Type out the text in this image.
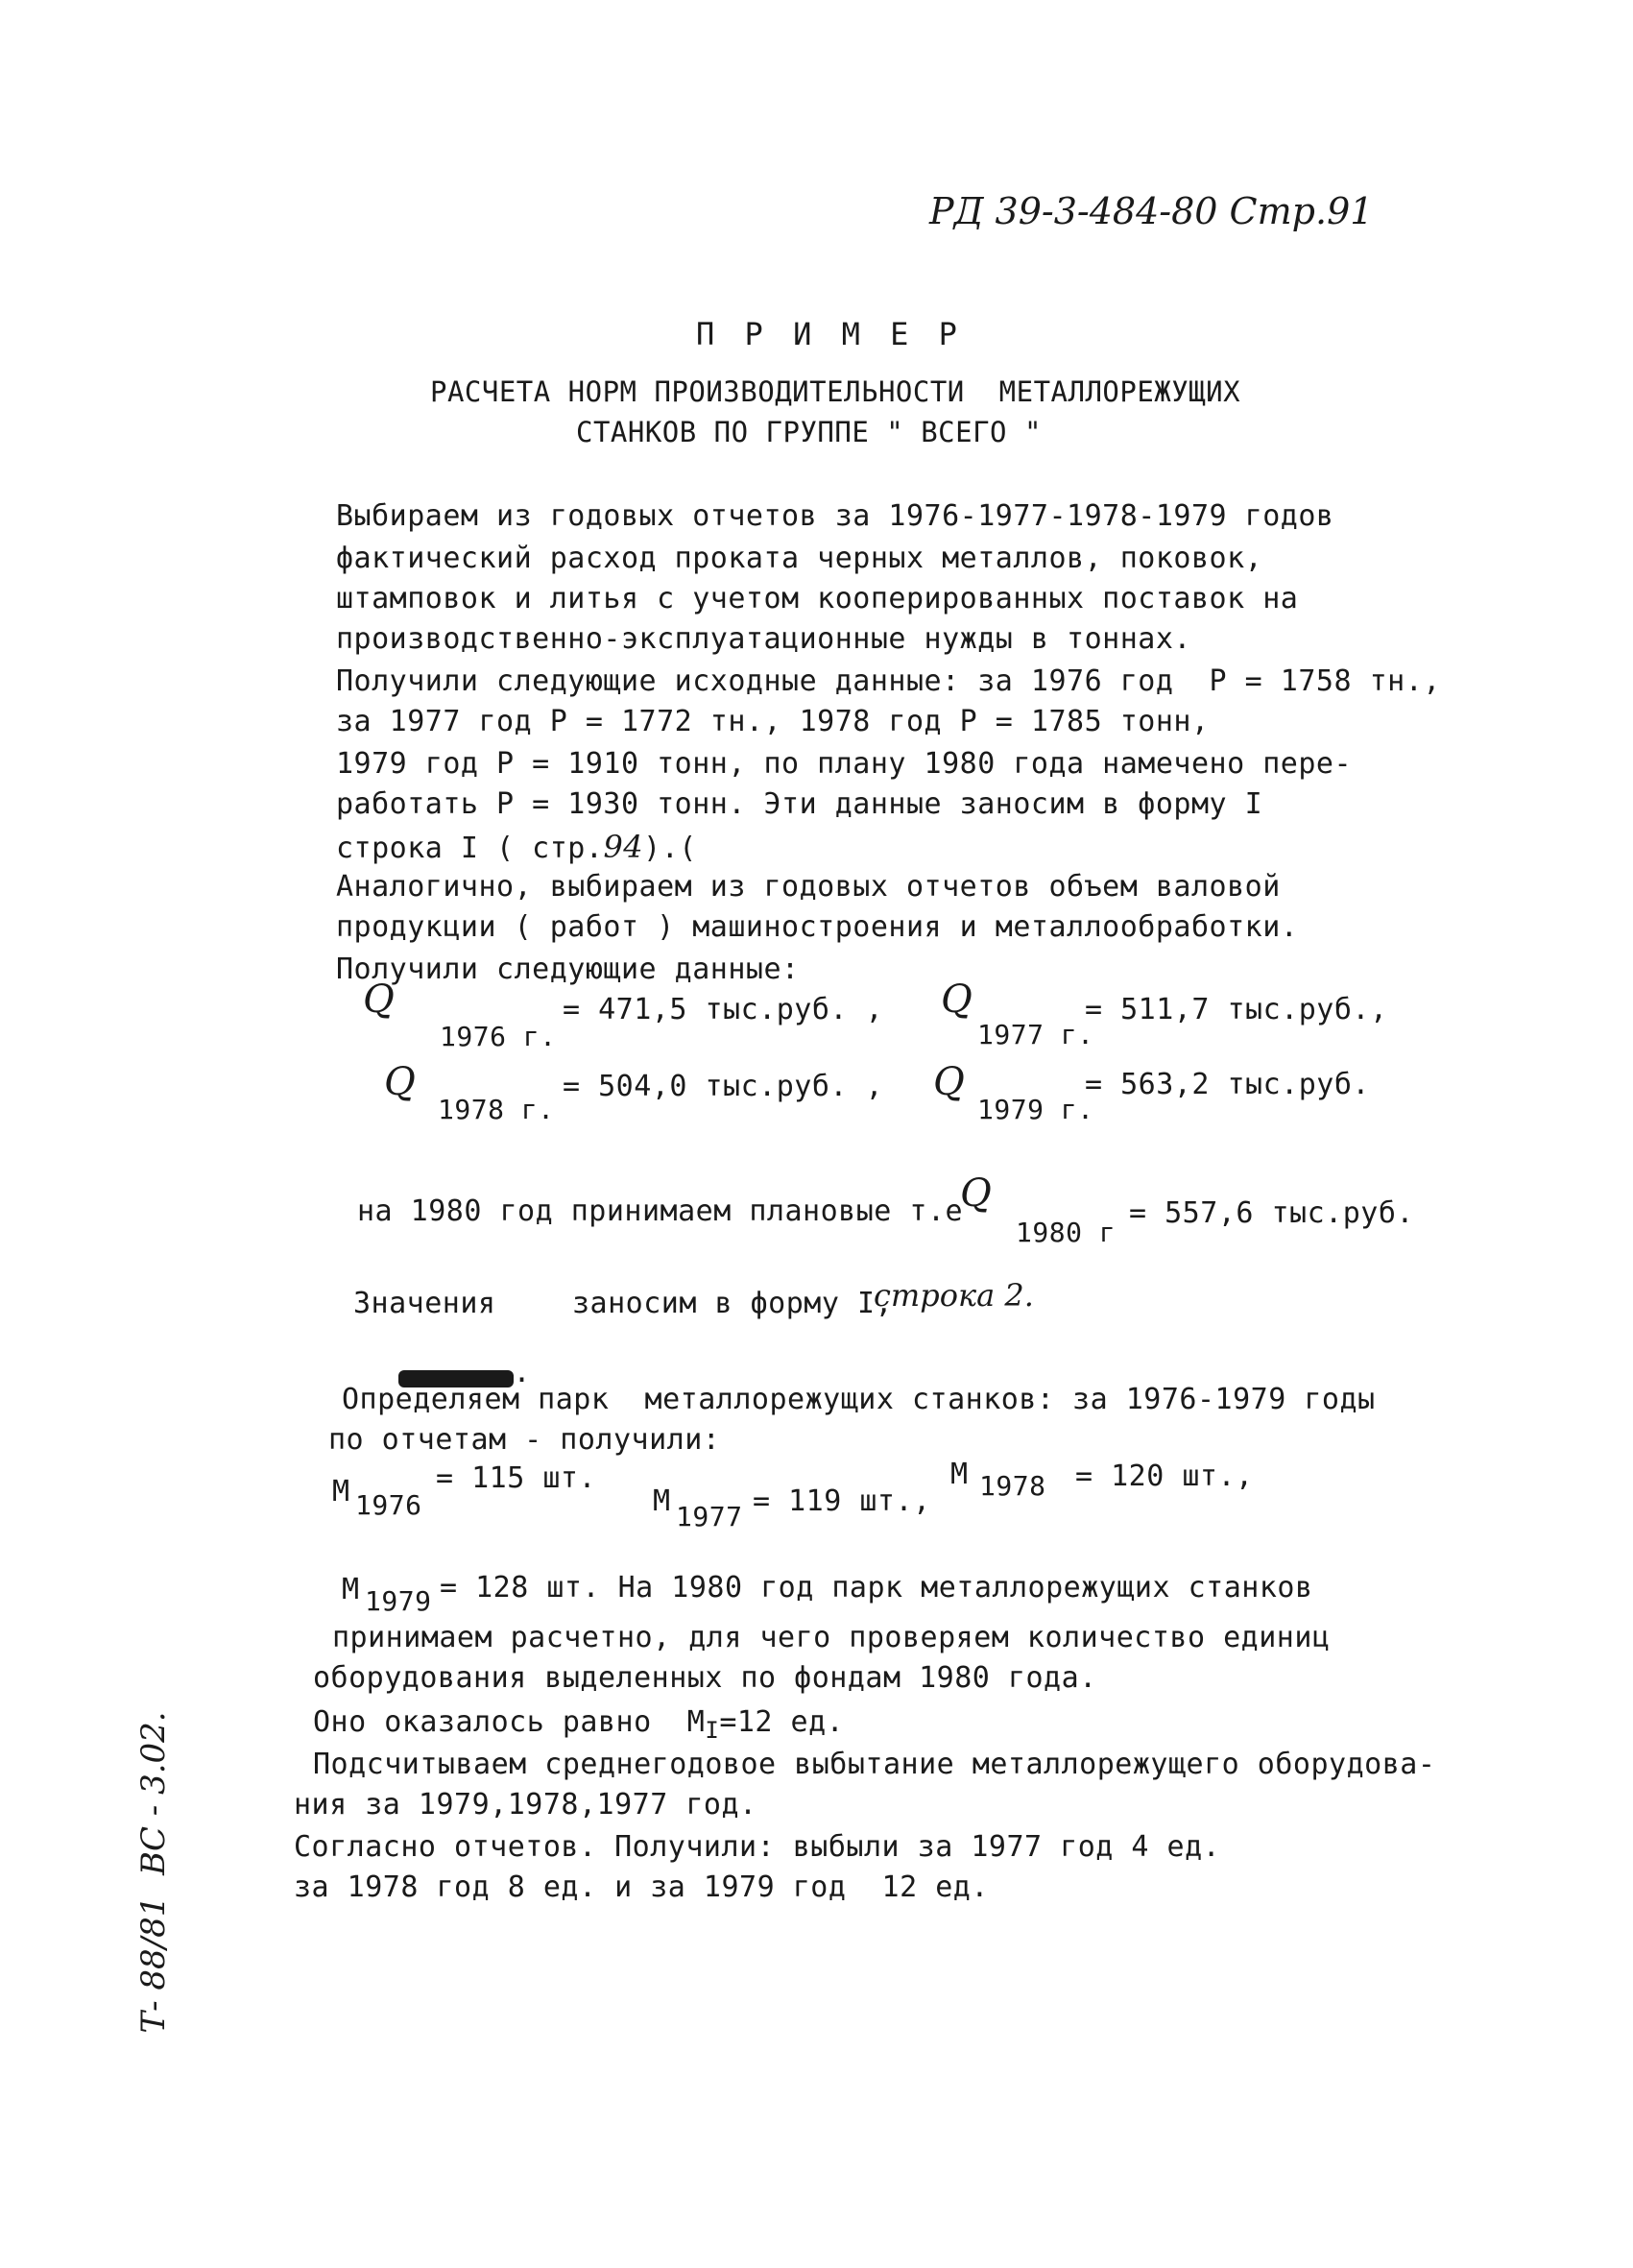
РД 39-3-484-80 Стр.91
П Р И М Е Р
РАСЧЕТА НОРМ ПРОИЗВОДИТЕЛЬНОСТИ  МЕТАЛЛОРЕЖУЩИХ
СТАНКОВ ПО ГРУППЕ " ВСЕГО "
Выбираем из годовых отчетов за 1976-1977-1978-1979 годов
фактический расход проката черных металлов, поковок,
штамповок и литья с учетом кооперированных поставок на
производственно-эксплуатационные нужды в тоннах.
Получили следующие исходные данные: за 1976 год  Р = 1758 тн.,
за 1977 год Р = 1772 тн., 1978 год Р = 1785 тонн,
1979 год Р = 1910 тонн, по плану 1980 года намечено пере-
работать Р = 1930 тонн. Эти данные заносим в форму I
строка I ( стр.94).(
Аналогично, выбираем из годовых отчетов объем валовой
продукции ( работ ) машиностроения и металлообработки.
Получили следующие данные:
Q
1976 г.
= 471,5 тыс.руб. , Q
1977 г.
= 511,7 тыс.руб.,
Q
1978 г.
= 504,0 тыс.руб. , Q
1979 г.
= 563,2 тыс.руб.
на 1980 год принимаем плановые т.е
Q
1980 г
= 557,6 тыс.руб.
Значения	заносим в форму I,
строка 2.

.

Определяем парк  металлорежущих станков: за 1976-1979 годы
по отчетам - получили:
М 1976
= 115 шт.
М 1977 = 119 шт.,
М 1978 = 120 шт.,
М 1979 = 128 шт. На 1980 год парк металлорежущих станков
принимаем расчетно, для чего проверяем количество единиц
оборудования выделенных по фондам 1980 года.
Оно оказалось равно  $М_I=12$ ед.
Подсчитываем среднегодовое выбытание металлорежущего оборудова-
ния за 1979,1978,1977 год.
Согласно отчетов. Получили: выбыли за 1977 год 4 ед.
за 1978 год 8 ед. и за 1979 год  12 ед.
Т- 88/81  ВС - 3.02.
